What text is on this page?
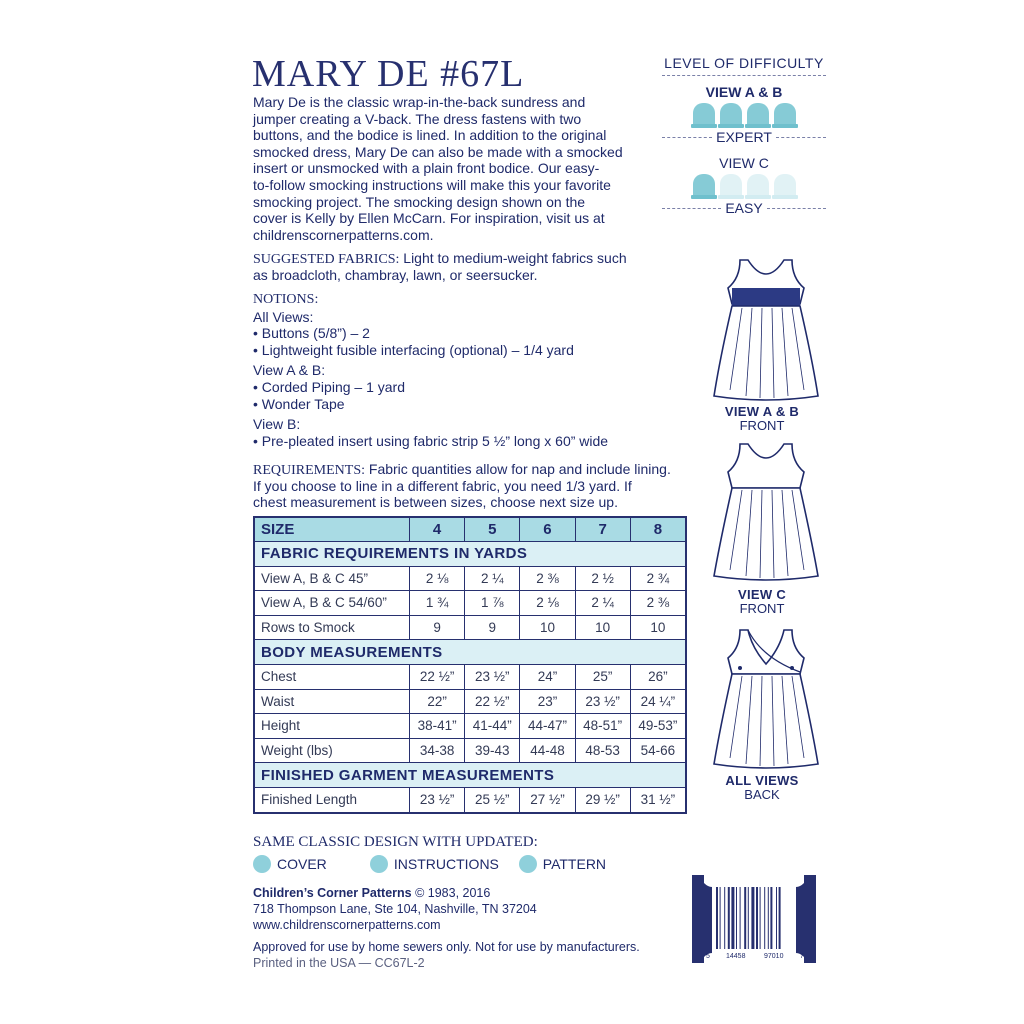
MARY DE #67L
Mary De is the classic wrap-in-the-back sundress and
jumper creating a V-back. The dress fastens with two
buttons, and the bodice is lined. In addition to the original
smocked dress, Mary De can also be made with a smocked
insert or unsmocked with a plain front bodice. Our easy-
to-follow smocking instructions will make this your favorite
smocking project. The smocking design shown on the
cover is Kelly by Ellen McCarn. For inspiration, visit us at
childrenscornerpatterns.com.
SUGGESTED FABRICS: Light to medium-weight fabrics such
as broadcloth, chambray, lawn, or seersucker.
NOTIONS:
All Views:
• Buttons (5/8”) – 2
• Lightweight fusible interfacing (optional) – 1/4 yard
View A & B:
• Corded Piping – 1 yard
• Wonder Tape
View B:
• Pre-pleated insert using fabric strip 5 ½” long x 60” wide
REQUIREMENTS: Fabric quantities allow for nap and include lining.
If you choose to line in a different fabric, you need 1/3 yard. If
chest measurement is between sizes, choose next size up.
SIZE	4	5	6	7	8
FABRIC REQUIREMENTS IN YARDS					
View A, B & C 45”	2 ⅛	2 ¼	2 ⅜	2 ½	2 ¾
View A, B & C 54/60”	1 ¾	1 ⅞	2 ⅛	2 ¼	2 ⅜
Rows to Smock	9	9	10	10	10
BODY MEASUREMENTS					
Chest	22 ½”	23 ½”	24”	25”	26”
Waist	22”	22 ½”	23”	23 ½”	24 ¼”
Height	38-41”	41-44”	44-47”	48-51”	49-53”
Weight (lbs)	34-38	39-43	44-48	48-53	54-66
FINISHED GARMENT MEASUREMENTS					
Finished Length	23 ½”	25 ½”	27 ½”	29 ½”	31 ½”
SAME CLASSIC DESIGN WITH UPDATED:
COVER	INSTRUCTIONS	PATTERN
Children’s Corner Patterns © 1983, 2016
718 Thompson Lane, Ste 104, Nashville, TN 37204
www.childrenscornerpatterns.com
Approved for use by home sewers only. Not for use by manufacturers.
Printed in the USA — CC67L-2
LEVEL OF DIFFICULTY
VIEW A & B
EXPERT
VIEW C
EASY
VIEW A & B
FRONT
VIEW C
FRONT
ALL VIEWS
BACK
5 14458	97010 7
